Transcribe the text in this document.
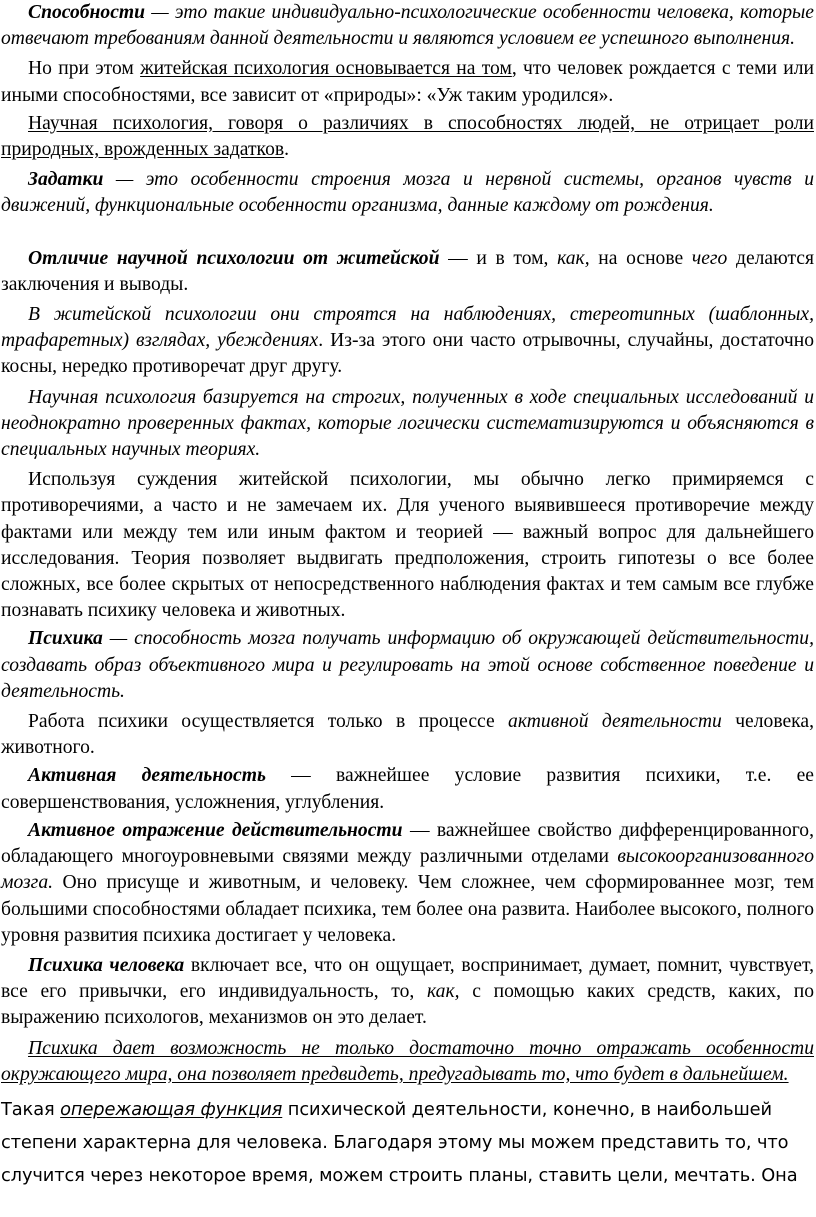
Способности — это такие индивидуально-психологические особенности человека, которые отвечают требованиям данной деятельности и являются условием ее успешного выполнения.

Но при этом житейская психология основывается на том, что человек рождается с теми или иными способностями, все зависит от «природы»: «Уж таким уродился».

Научная психология, говоря о различиях в способностях людей, не отрицает роли природных, врожденных задатков.

Задатки — это особенности строения мозга и нервной системы, органов чувств и движений, функциональные особенности организма, данные каждому от рождения.

Отличие научной психологии от житейской — и в том, как, на основе чего делаются заключения и выводы.

В житейской психологии они строятся на наблюдениях, стереотипных (шаблонных, трафаретных) взглядах, убеждениях. Из-за этого они часто отрывочны, случайны, достаточно косны, нередко противоречат друг другу.

Научная психология базируется на строгих, полученных в ходе специальных исследований и неоднократно проверенных фактах, которые логически систематизируются и объясняются в специальных научных теориях.

Используя суждения житейской психологии, мы обычно легко примиряемся с противоречиями, а часто и не замечаем их. Для ученого выявившееся противоречие между фактами или между тем или иным фактом и теорией — важный вопрос для дальнейшего исследования. Теория позволяет выдвигать предположения, строить гипотезы о все более сложных, все более скрытых от непосредственного наблюдения фактах и тем самым все глубже познавать психику человека и животных.

Психика — способность мозга получать информацию об окружающей действительности, создавать образ объективного мира и регулировать на этой основе собственное поведение и деятельность.

Работа психики осуществляется только в процессе активной деятельности человека, животного.

Активная деятельность — важнейшее условие развития психики, т.е. ее совершенствования, усложнения, углубления.

Активное отражение действительности — важнейшее свойство дифференцированного, обладающего многоуровневыми связями между различными отделами высокоорганизованного мозга. Оно присуще и животным, и человеку. Чем сложнее, чем сформированнее мозг, тем большими способностями обладает психика, тем более она развита. Наиболее высокого, полного уровня развития психика достигает у человека.

Психика человека включает все, что он ощущает, воспринимает, думает, помнит, чувствует, все его привычки, его индивидуальность, то, как, с помощью каких средств, каких, по выражению психологов, механизмов он это делает.

Психика дает возможность не только достаточно точно отражать особенности окружающего мира, она позволяет предвидеть, предугадывать то, что будет в дальнейшем.

Такая опережающая функция психической деятельности, конечно, в наибольшей степени характерна для человека. Благодаря этому мы можем представить то, что случится через некоторое время, можем строить планы, ставить цели, мечтать. Она
